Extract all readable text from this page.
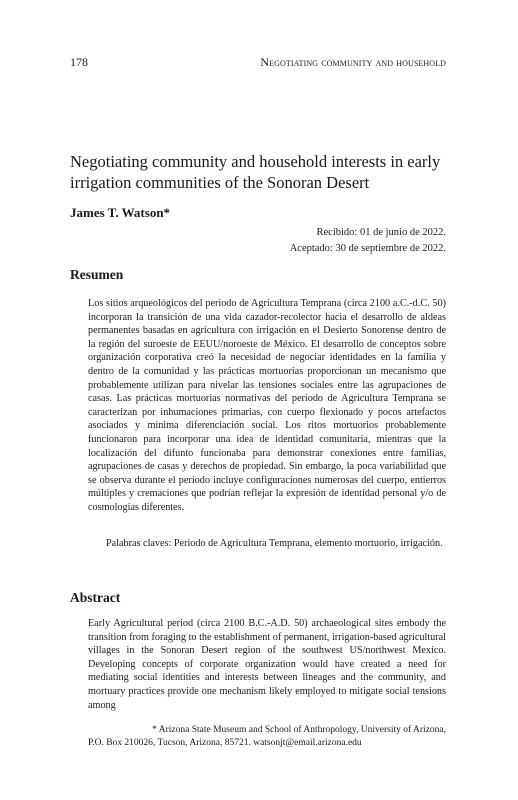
178	Negotiating community and household
Negotiating community and household interests in early irrigation communities of the Sonoran Desert
James T. Watson*
Recibido: 01 de junio de 2022.
Aceptado: 30 de septiembre de 2022.
Resumen

Los sitios arqueológicos del periodo de Agricultura Temprana (circa 2100 a.C.-d.C. 50) incorporan la transición de una vida cazador-recolector hacia el desarrollo de aldeas permanentes basadas en agricultura con irrigación en el Desierto Sonorense dentro de la región del suroeste de EEUU/noroeste de México. El desarrollo de conceptos sobre organización corporativa creó la necesidad de negociar identidades en la familia y dentro de la comunidad y las prácticas mortuorias proporcionan un mecanismo que probablemente utilizan para nivelar las tensiones sociales entre las agrupaciones de casas. Las prácticas mortuorias normativas del periodo de Agricultura Temprana se caracterizan por inhumaciones primarias, con cuerpo flexionado y pocos artefactos asociados y mínima diferenciación social. Los ritos mortuorios probablemente funcionaron para incorporar una idea de identidad comunitaria, mientras que la localización del difunto funcionaba para demonstrar conexiones entre familias, agrupaciones de casas y derechos de propiedad. Sin embargo, la poca variabilidad que se observa durante el periodo incluye configuraciones numerosas del cuerpo, entierros múltiples y cremaciones que podrían reflejar la expresión de identidad personal y/o de cosmologías diferentes.

Palabras claves: Periodo de Agricultura Temprana, elemento mortuorio, irrigación.

Abstract

Early Agricultural period (circa 2100 B.C.-A.D. 50) archaeological sites embody the transition from foraging to the establishment of permanent, irrigation-based agricultural villages in the Sonoran Desert region of the southwest US/northwest Mexico. Developing concepts of corporate organization would have created a need for mediating social identities and interests between lineages and the community, and mortuary practices provide one mechanism likely employed to mitigate social tensions among

* Arizona State Museum and School of Anthropology, University of Arizona,
P.O. Box 210026, Tucson, Arizona, 85721. watsonjt@email.arizona.edu
